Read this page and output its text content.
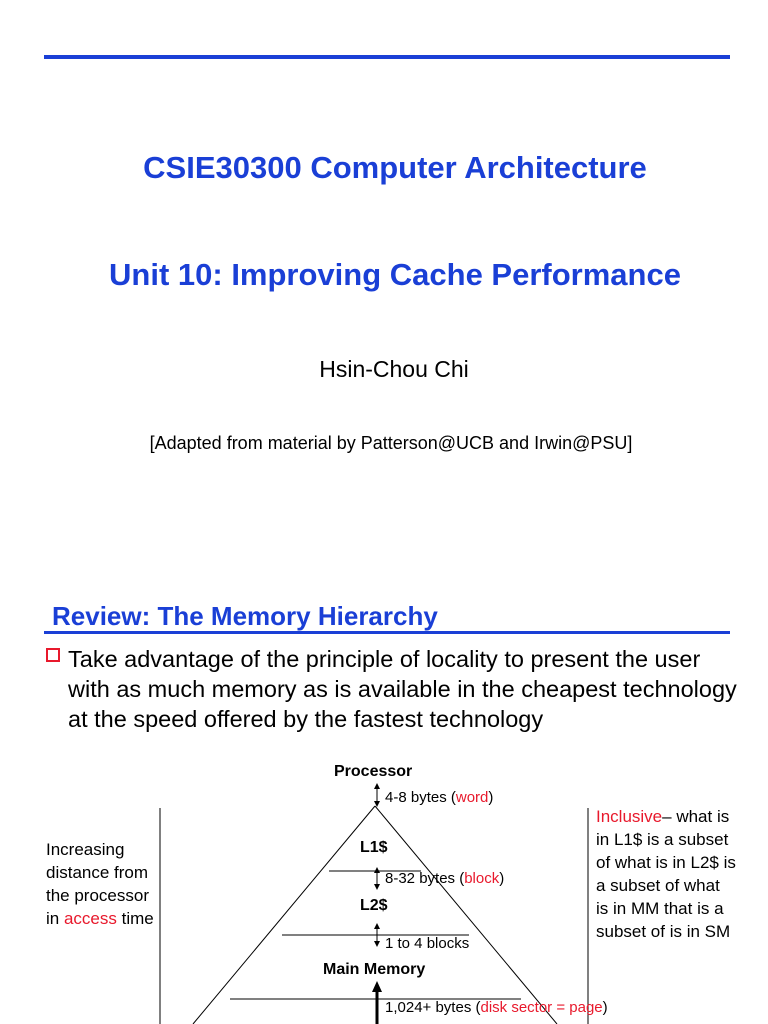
CSIE30300 Computer Architecture
Unit 10: Improving Cache Performance
Hsin-Chou Chi
[Adapted from material by Patterson@UCB and Irwin@PSU]
Review: The Memory Hierarchy
Take advantage of the principle of locality to present the user with as much memory as is available in the cheapest technology at the speed offered by the fastest technology
Increasing distance from the processor in access time
Inclusive– what is in L1$ is a subset of what is in L2$ is a subset of what is in MM that is a subset of is in SM
Processor
L1$
L2$
Main Memory
4-8 bytes (word)
8-32 bytes (block)
1 to 4 blocks
1,024+ bytes (disk sector = page)
